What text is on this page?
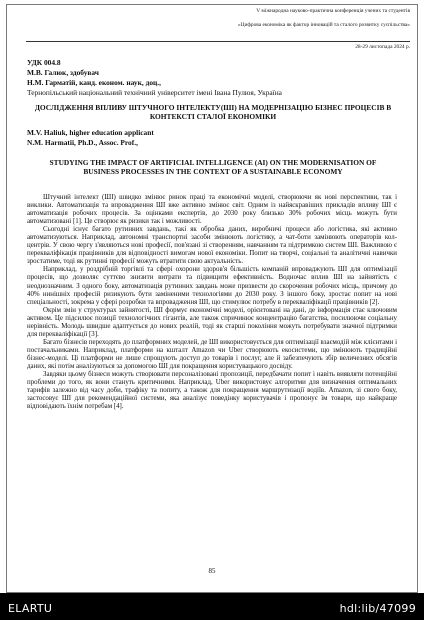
V міжнародна науково-практична конференція учених та студентів
«Цифрова економіка як фактор інновацій та сталого розвитку суспільства»
28-29 листопада 2024 р.
УДК 004.8
М.В. Галюк, здобувач
Н.М. Гарматій, канд. економ. наук, доц.,
Тернопільський національний технічний університет імені Івана Пулюя, Україна
ДОСЛІДЖЕННЯ ВПЛИВУ ШТУЧНОГО ІНТЕЛЕКТУ(ШІ) НА МОДЕРНІЗАЦІЮ БІЗНЕС ПРОЦЕСІВ В КОНТЕКСТІ СТАЛОЇ ЕКОНОМІКИ
M.V. Haliuk, higher education applicant
N.M. Harmatii, Ph.D., Assoc. Prof.,
STUDYING THE IMPACT OF ARTIFICIAL INTELLIGENCE (AI) ON THE MODERNISATION OF BUSINESS PROCESSES IN THE CONTEXT OF A SUSTAINABLE ECONOMY

Штучний інтелект (ШІ) швидко змінює ринок праці та економічні моделі, створюючи як нові перспективи, так і виклики. Автоматизація та впровадження ШІ вже активно змінює світ. Одним із найяскравіших прикладів впливу ШІ є автоматизація робочих процесів. За оцінками експертів, до 2030 року близько 30% робочих місць можуть бути автоматизовані [1]. Це створює як ризики так і можливості.

Сьогодні існує багато рутинних завдань, такі як обробка даних, виробничі процеси або логістика, які активно автоматизуються. Наприклад, автономні транспортні засоби змінюють логістику, а чат-боти замінюють операторів кол-центрів. У свою чергу з'являються нові професії, пов'язані зі створенням, навчанням та підтримкою систем ШІ. Важливою є перекваліфікація працівників для відповідності вимогам нової економіки. Попит на творчі, соціальні та аналітичні навички зростатиме, тоді як рутинні професії можуть втратити свою актуальність.

Наприклад, у роздрібній торгівлі та сфері охорони здоров'я більшість компаній впроваджують ШІ для оптимізації процесів, що дозволяє суттєво знизити витрати та підвищити ефективність. Водночас вплив ШІ на зайнятість є неоднозначним. З одного боку, автоматизація рутинних завдань може призвести до скорочення робочих місць, причому до 40% нинішніх професій ризикують бути заміненими технологіями до 2030 року. З іншого боку, зростає попит на нові спеціальності, зокрема у сфері розробки та впровадження ШІ, що стимулює потребу в перекваліфікації працівників [2].

Окрім змін у структурах зайнятості, ШІ формує економічні моделі, орієнтовані на дані, де інформація стає ключовим активом. Це підсилює позиції технологічних гігантів, але також спричинює концентрацію багатства, посилюючи соціальну нерівність. Молодь швидше адаптується до нових реалій, тоді як старші покоління можуть потребувати значної підтримки для перекваліфікації [3].

Багато бізнесів переходять до платформних моделей, де ШІ використовується для оптимізації взаємодій між клієнтами і постачальниками. Наприклад, платформи на кшталт Amazon чи Uber створюють екосистеми, що змінюють традиційні бізнес-моделі. Ці платформи не лише спрощують доступ до товарів і послуг, але й забезпечують збір величезних обсягів даних, які потім аналізуються за допомогою ШІ для покращення користувацького досвіду.

Завдяки цьому бізнеси можуть створювати персоналізовані пропозиції, передбачати попит і навіть виявляти потенційні проблеми до того, як вони стануть критичними. Наприклад, Uber використовує алгоритми для визначення оптимальних тарифів залежно від часу доби, трафіку та попиту, а також для покращення маршрутизації водіїв. Amazon, зі свого боку, застосовує ШІ для рекомендаційної системи, яка аналізує поведінку користувачів і пропонує їм товари, що найкраще відповідають їхнім потребам [4].

85
ELARTU	hdl:lib/47099
